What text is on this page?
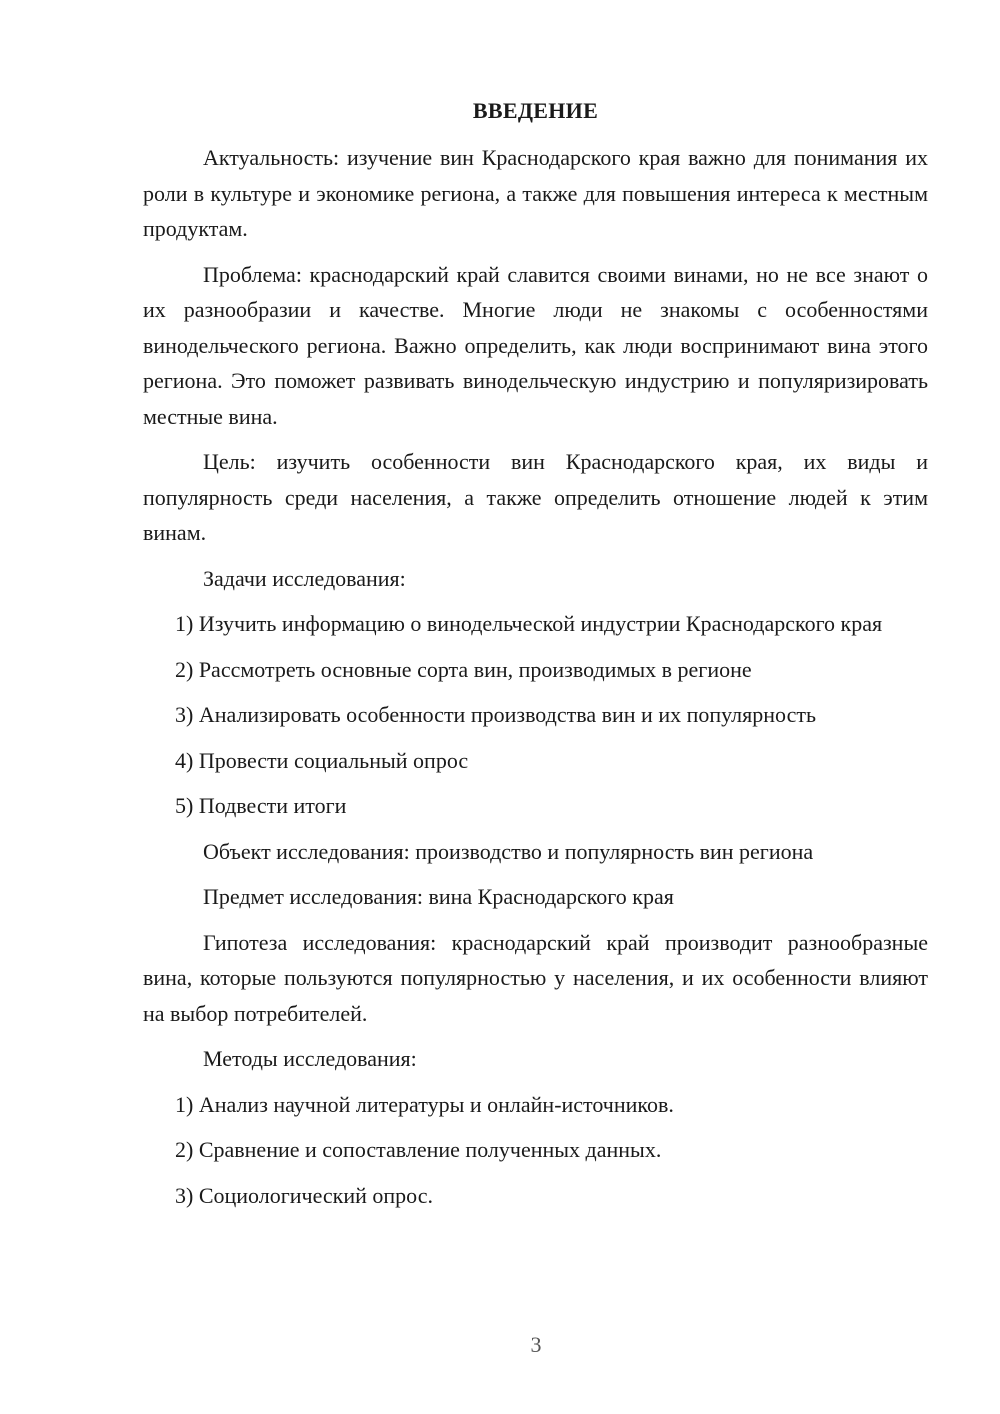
ВВЕДЕНИЕ

Актуальность: изучение вин Краснодарского края важно для понимания их роли в культуре и экономике региона, а также для повышения интереса к местным продуктам.

Проблема: краснодарский край славится своими винами, но не все знают о их разнообразии и качестве. Многие люди не знакомы с особенностями винодельческого региона. Важно определить, как люди воспринимают вина этого региона. Это поможет развивать винодельческую индустрию и популяризировать местные вина.

Цель: изучить особенности вин Краснодарского края, их виды и популярность среди населения, а также определить отношение людей к этим винам.

Задачи исследования:
1) Изучить информацию о винодельческой индустрии Краснодарского края
2) Рассмотреть основные сорта вин, производимых в регионе
3) Анализировать особенности производства вин и их популярность
4) Провести социальный опрос
5) Подвести итоги
Объект исследования: производство и популярность вин региона
Предмет исследования: вина Краснодарского края

Гипотеза исследования: краснодарский край производит разнообразные вина, которые пользуются популярностью у населения, и их особенности влияют на выбор потребителей.

Методы исследования:
1) Анализ научной литературы и онлайн-источников.
2) Сравнение и сопоставление полученных данных.
3) Социологический опрос.
3
